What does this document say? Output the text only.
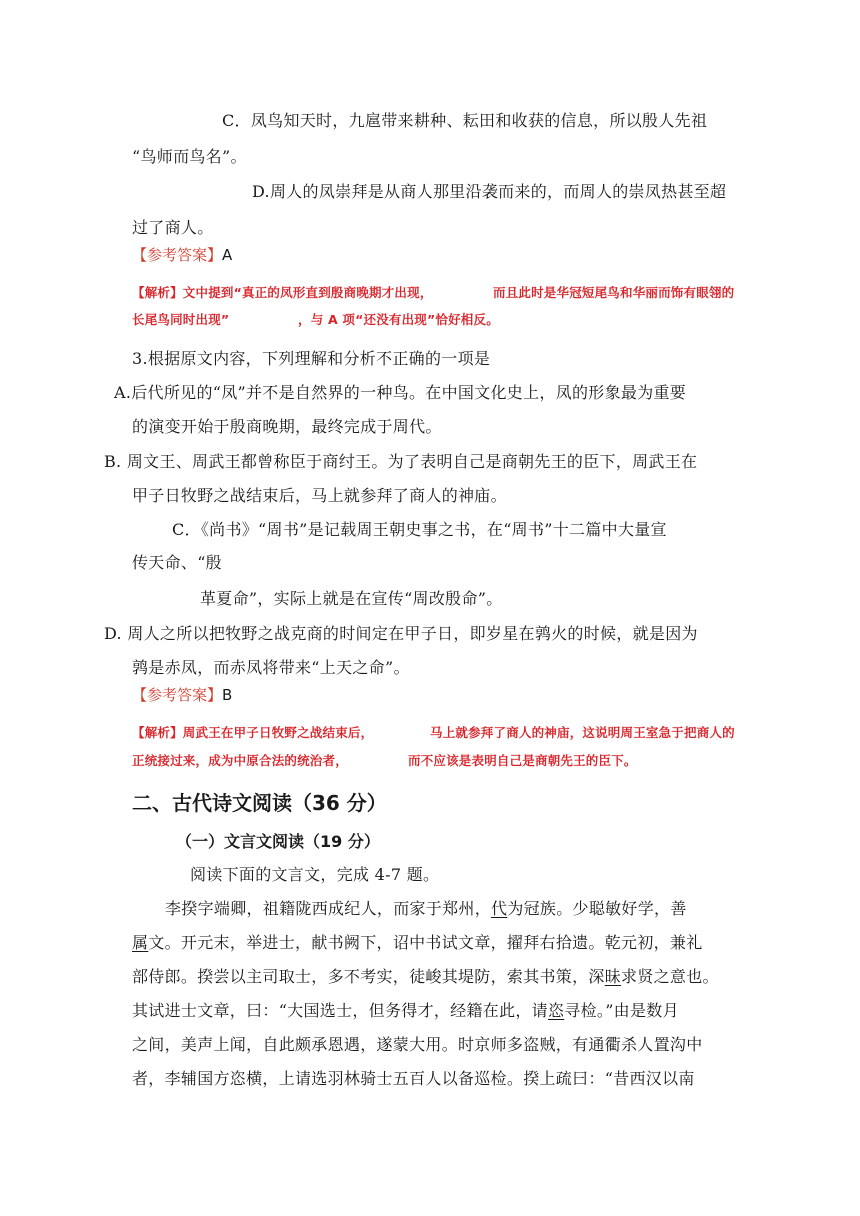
C．凤鸟知天时，九扈带来耕种、耘田和收获的信息，所以殷人先祖
“鸟师而鸟名”。
D.周人的凤崇拜是从商人那里沿袭而来的，而周人的崇凤热甚至超
过了商人。
【参考答案】A
【解析】文中提到“真正的凤形直到殷商晚期才出现，	而且此时是华冠短尾鸟和华丽而饰有眼翎的
长尾鸟同时出现”	，与 A 项“还没有出现”恰好相反。
3.根据原文内容，下列理解和分析不正确的一项是
A.后代所见的“凤”并不是自然界的一种鸟。在中国文化史上，凤的形象最为重要
的演变开始于殷商晚期，最终完成于周代。
B. 周文王、周武王都曾称臣于商纣王。为了表明自己是商朝先王的臣下，周武王在
甲子日牧野之战结束后，马上就参拜了商人的神庙。
C．《尚书》“周书”是记载周王朝史事之书，在“周书”十二篇中大量宣
传天命、“殷
革夏命”，实际上就是在宣传“周改殷命”。
D. 周人之所以把牧野之战克商的时间定在甲子日，即岁星在鹑火的时候，就是因为
鹑是赤凤，而赤凤将带来“上天之命”。
【参考答案】B
【解析】周武王在甲子日牧野之战结束后，	马上就参拜了商人的神庙，这说明周王室急于把商人的
正统接过来，成为中原合法的统治者，	而不应该是表明自己是商朝先王的臣下。
二、古代诗文阅读（36 分）
（一）文言文阅读（19 分）
阅读下面的文言文，完成 4-7 题。
李揆字端卿，祖籍陇西成纪人，而家于郑州，代为冠族。少聪敏好学，善
属文。开元末，举进士，献书阙下，诏中书试文章，擢拜右拾遗。乾元初，兼礼
部侍郎。揆尝以主司取士，多不考实，徒峻其堤防，索其书策，深昧求贤之意也。
其试进士文章，曰：“大国选士，但务得才，经籍在此，请恣寻检。”由是数月
之间，美声上闻，自此颇承恩遇，遂蒙大用。时京师多盗贼，有通衢杀人置沟中
者，李辅国方恣横，上请选羽林骑士五百人以备巡检。揆上疏曰：“昔西汉以南
